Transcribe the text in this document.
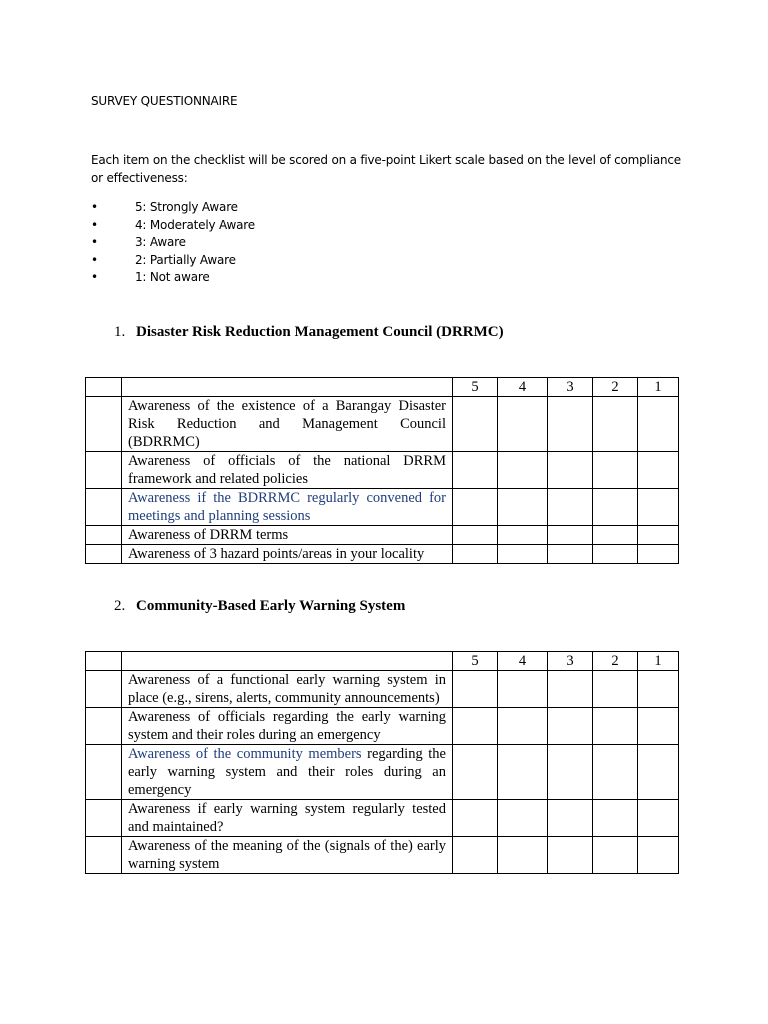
SURVEY QUESTIONNAIRE
Each item on the checklist will be scored on a five-point Likert scale based on the level of compliance or effectiveness:
•	5: Strongly Aware
•	4: Moderately Aware
•	3: Aware
•	2: Partially Aware
•	1: Not aware
1. Disaster Risk Reduction Management Council (DRRMC)
		5	4	3	2	1
	Awareness of the existence of a Barangay Disaster Risk Reduction and Management Council (BDRRMC)					
	Awareness of officials of the national DRRM framework and related policies					
	Awareness if the BDRRMC regularly convened for meetings and planning sessions					
	Awareness of DRRM terms					
	Awareness of 3 hazard points/areas in your locality					
2. Community-Based Early Warning System
		5	4	3	2	1
	Awareness of a functional early warning system in place (e.g., sirens, alerts, community announcements)					
	Awareness of officials regarding the early warning system and their roles during an emergency					
	Awareness of the community members regarding the early warning system and their roles during an emergency					
	Awareness if early warning system regularly tested and maintained?					
	Awareness of the meaning of the (signals of the) early warning system					
